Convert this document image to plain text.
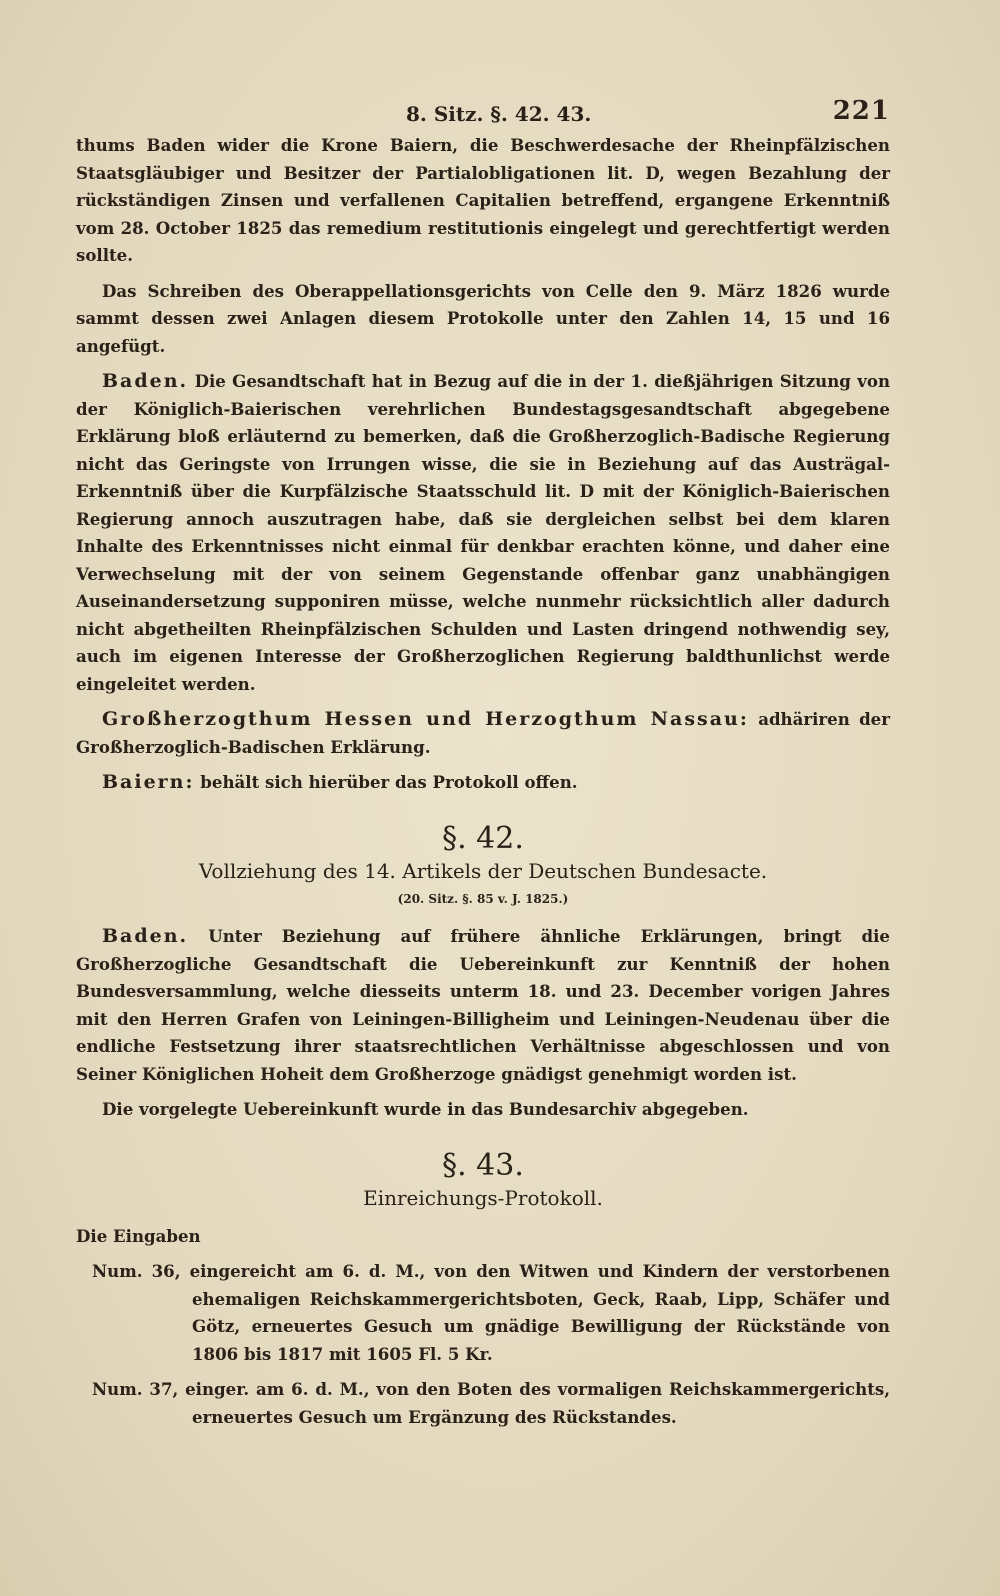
8. Sitz. §. 42. 43.	221

thums Baden wider die Krone Baiern, die Beschwerdesache der Rheinpfälzischen Staatsgläubiger und Besitzer der Partialobligationen lit. D, wegen Bezahlung der rückständigen Zinsen und verfallenen Capitalien betreffend, ergangene Erkenntniß vom 28. October 1825 das remedium restitutionis eingelegt und gerechtfertigt werden sollte.

Das Schreiben des Oberappellationsgerichts von Celle den 9. März 1826 wurde sammt dessen zwei Anlagen diesem Protokolle unter den Zahlen 14, 15 und 16 angefügt.

Baden. Die Gesandtschaft hat in Bezug auf die in der 1. dießjährigen Sitzung von der Königlich-Baierischen verehrlichen Bundestagsgesandtschaft abgegebene Erklärung bloß erläuternd zu bemerken, daß die Großherzoglich-Badische Regierung nicht das Geringste von Irrungen wisse, die sie in Beziehung auf das Austrägal-Erkenntniß über die Kurpfälzische Staatsschuld lit. D mit der Königlich-Baierischen Regierung annoch auszutragen habe, daß sie dergleichen selbst bei dem klaren Inhalte des Erkenntnisses nicht einmal für denkbar erachten könne, und daher eine Verwechselung mit der von seinem Gegenstande offenbar ganz unabhängigen Auseinandersetzung supponiren müsse, welche nunmehr rücksichtlich aller dadurch nicht abgetheilten Rheinpfälzischen Schulden und Lasten dringend nothwendig sey, auch im eigenen Interesse der Großherzoglichen Regierung baldthunlichst werde eingeleitet werden.

Großherzogthum Hessen und Herzogthum Nassau: adhäriren der Großherzoglich-Badischen Erklärung.

Baiern: behält sich hierüber das Protokoll offen.

§. 42.
Vollziehung des 14. Artikels der Deutschen Bundesacte.
(20. Sitz. §. 85 v. J. 1825.)

Baden. Unter Beziehung auf frühere ähnliche Erklärungen, bringt die Großherzogliche Gesandtschaft die Uebereinkunft zur Kenntniß der hohen Bundesversammlung, welche diesseits unterm 18. und 23. December vorigen Jahres mit den Herren Grafen von Leiningen-Billigheim und Leiningen-Neudenau über die endliche Festsetzung ihrer staatsrechtlichen Verhältnisse abgeschlossen und von Seiner Königlichen Hoheit dem Großherzoge gnädigst genehmigt worden ist.

Die vorgelegte Uebereinkunft wurde in das Bundesarchiv abgegeben.

§. 43.
Einreichungs-Protokoll.

Die Eingaben

Num. 36, eingereicht am 6. d. M., von den Witwen und Kindern der verstorbenen ehemaligen Reichskammergerichtsboten, Geck, Raab, Lipp, Schäfer und Götz, erneuertes Gesuch um gnädige Bewilligung der Rückstände von 1806 bis 1817 mit 1605 Fl. 5 Kr.

Num. 37, einger. am 6. d. M., von den Boten des vormaligen Reichskammergerichts, erneuertes Gesuch um Ergänzung des Rückstandes.
